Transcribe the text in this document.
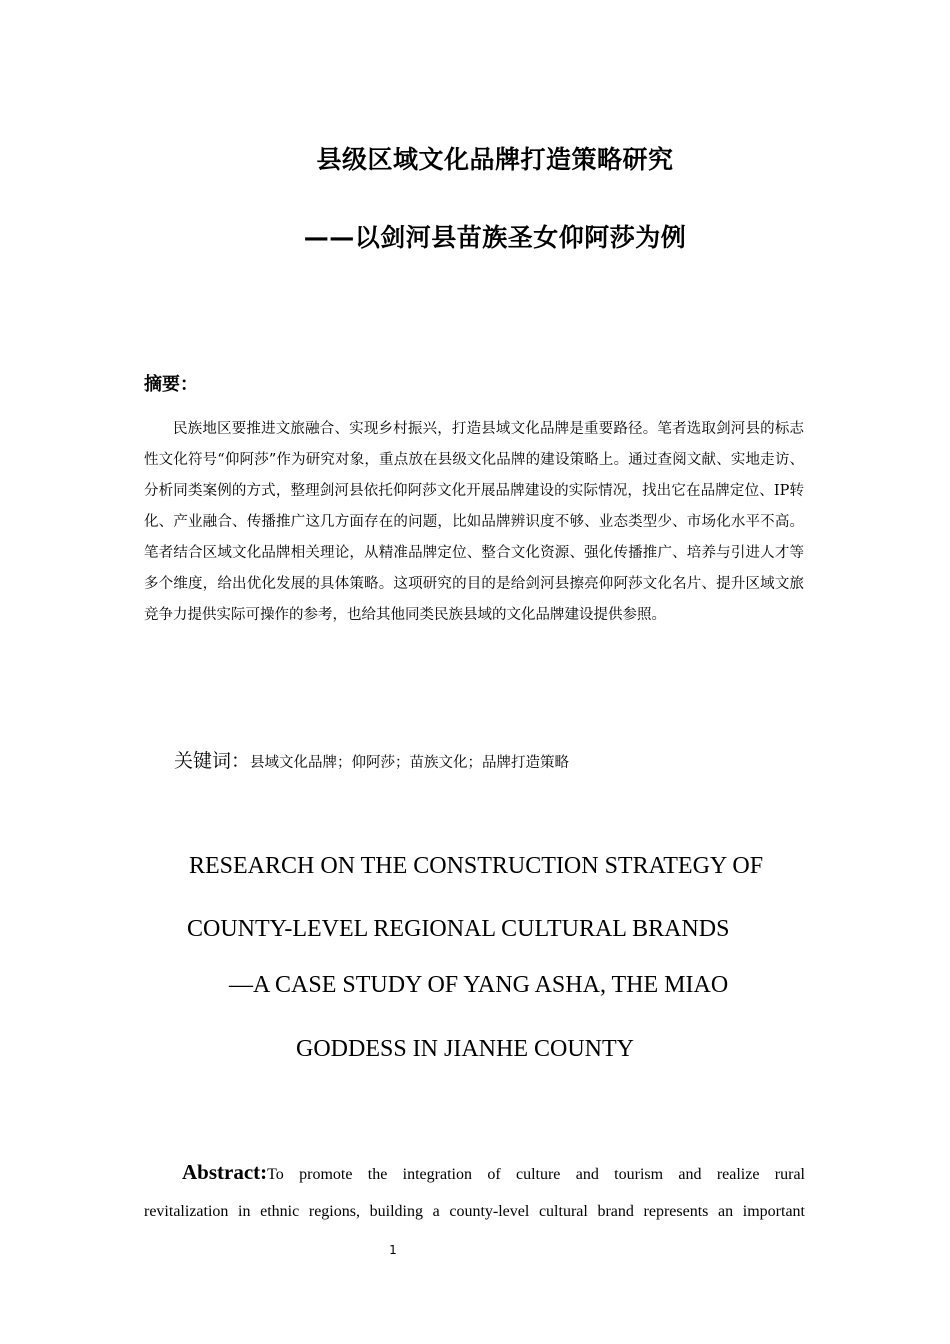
县级区域文化品牌打造策略研究
——以剑河县苗族圣女仰阿莎为例
摘要：
民族地区要推进文旅融合、实现乡村振兴，打造县域文化品牌是重要路径。笔者选取剑河县的标志性文化符号“仰阿莎”作为研究对象，重点放在县级文化品牌的建设策略上。通过查阅文献、实地走访、分析同类案例的方式，整理剑河县依托仰阿莎文化开展品牌建设的实际情况，找出它在品牌定位、IP转化、产业融合、传播推广这几方面存在的问题，比如品牌辨识度不够、业态类型少、市场化水平不高。笔者结合区域文化品牌相关理论，从精准品牌定位、整合文化资源、强化传播推广、培养与引进人才等多个维度，给出优化发展的具体策略。这项研究的目的是给剑河县擦亮仰阿莎文化名片、提升区域文旅竞争力提供实际可操作的参考，也给其他同类民族县域的文化品牌建设提供参照。
关键词：县域文化品牌；仰阿莎；苗族文化；品牌打造策略
RESEARCH ON THE CONSTRUCTION STRATEGY OF
COUNTY-LEVEL REGIONAL CULTURAL BRANDS
—A CASE STUDY OF YANG ASHA, THE MIAO
GODDESS IN JIANHE COUNTY
Abstract:To promote the integration of culture and tourism and realize rural
revitalization in ethnic regions, building a county-level cultural brand represents an important
1
